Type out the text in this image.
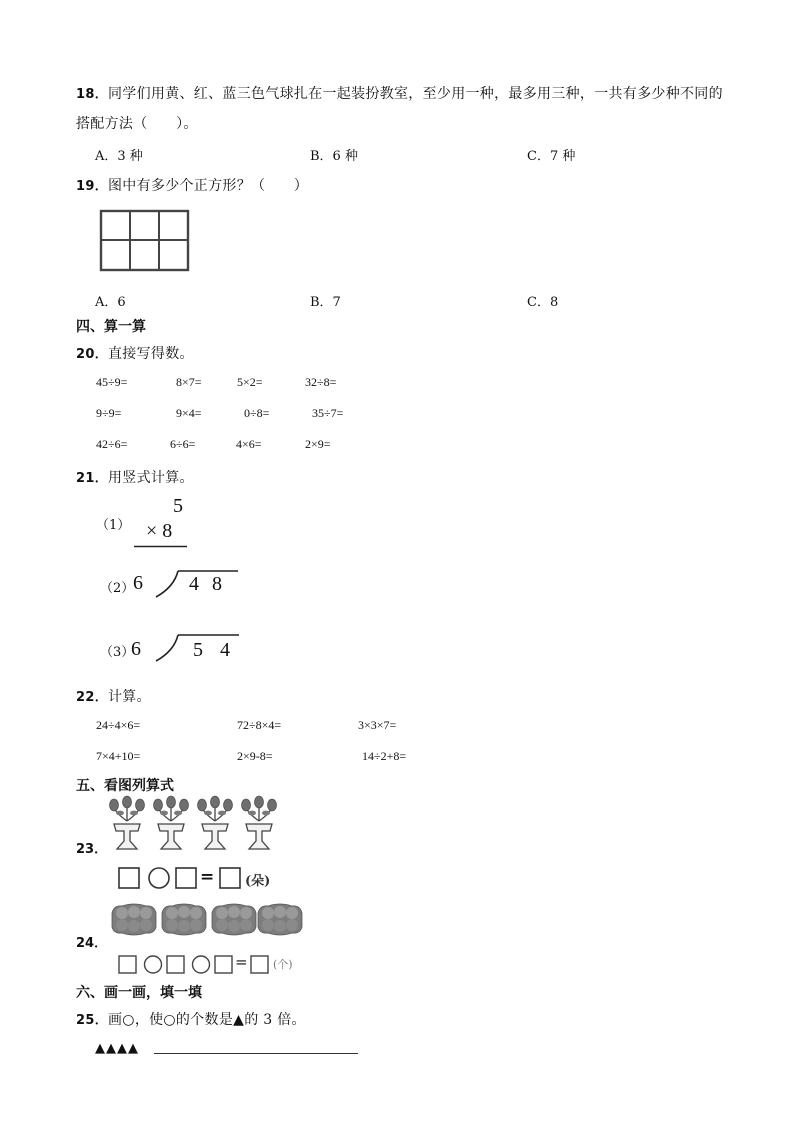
18．同学们用黄、红、蓝三色气球扎在一起装扮教室，至少用一种，最多用三种，一共有多少种不同的
搭配方法（　　）。
A．3 种	B．6 种	C．7 种
19．图中有多少个正方形？（　　）
A．6	B．7	C．8
四、算一算
20．直接写得数。
45÷9=	8×7=	5×2=	32÷8=
9÷9=	9×4=	0÷8=	35÷7=
42÷6=	6÷6=	4×6=	2×9=
21．用竖式计算。
（1）
5
× 8
（2）
6 4 8
（3）
6	5 4
22．计算。
24÷4×6=	72÷8×4=	3×3×7=
7×4+10=	2×9-8=	14÷2+8=
五、看图列算式
23．
= (朵)
24．
= (个)
六、画一画，填一填
25．画○，使○的个数是▲的 3 倍。
▲▲▲▲
